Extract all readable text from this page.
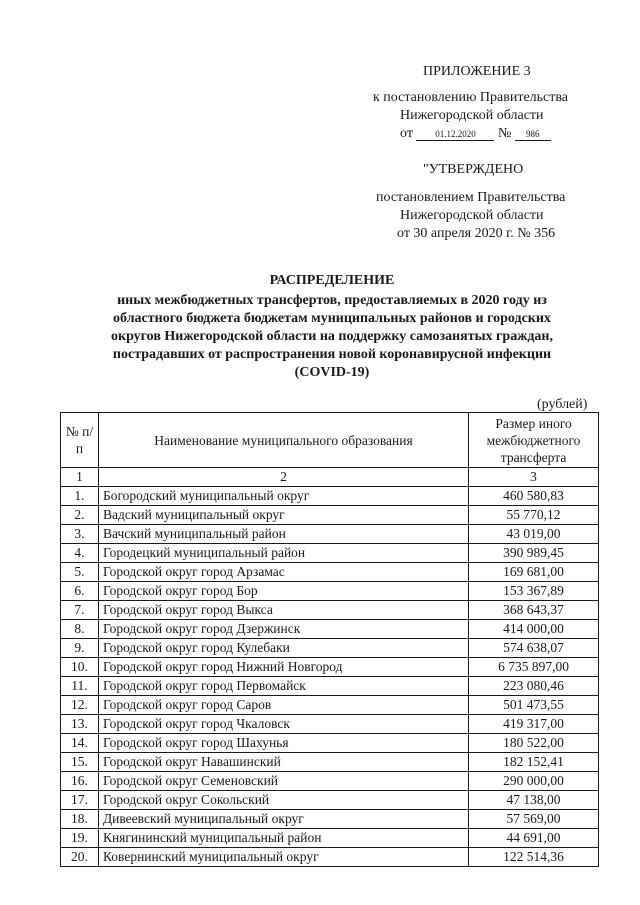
ПРИЛОЖЕНИЕ 3
к постановлению Правительства
Нижегородской области
от 01.12.2020 № 986
"УТВЕРЖДЕНО
постановлением Правительства
Нижегородской области
от 30 апреля 2020 г. № 356
РАСПРЕДЕЛЕНИЕ
иных межбюджетных трансфертов, предоставляемых в 2020 году из
областного бюджета бюджетам муниципальных районов и городских
округов Нижегородской области на поддержку самозанятых граждан,
пострадавших от распространения новой коронавирусной инфекции
(COVID-19)
(рублей)
№ п/п	Наименование муниципального образования	Размер иного межбюджетного трансферта
1	2	3
1.	Богородский муниципальный округ	460 580,83
2.	Вадский муниципальный округ	55 770,12
3.	Вачский муниципальный район	43 019,00
4.	Городецкий муниципальный район	390 989,45
5.	Городской округ город Арзамас	169 681,00
6.	Городской округ город Бор	153 367,89
7.	Городской округ город Выкса	368 643,37
8.	Городской округ город Дзержинск	414 000,00
9.	Городской округ город Кулебаки	574 638,07
10.	Городской округ город Нижний Новгород	6 735 897,00
11.	Городской округ город Первомайск	223 080,46
12.	Городской округ город Саров	501 473,55
13.	Городской округ город Чкаловск	419 317,00
14.	Городской округ город Шахунья	180 522,00
15.	Городской округ Навашинский	182 152,41
16.	Городской округ Семеновский	290 000,00
17.	Городской округ Сокольский	47 138,00
18.	Дивеевский муниципальный округ	57 569,00
19.	Княгининский муниципальный район	44 691,00
20.	Ковернинский муниципальный округ	122 514,36
